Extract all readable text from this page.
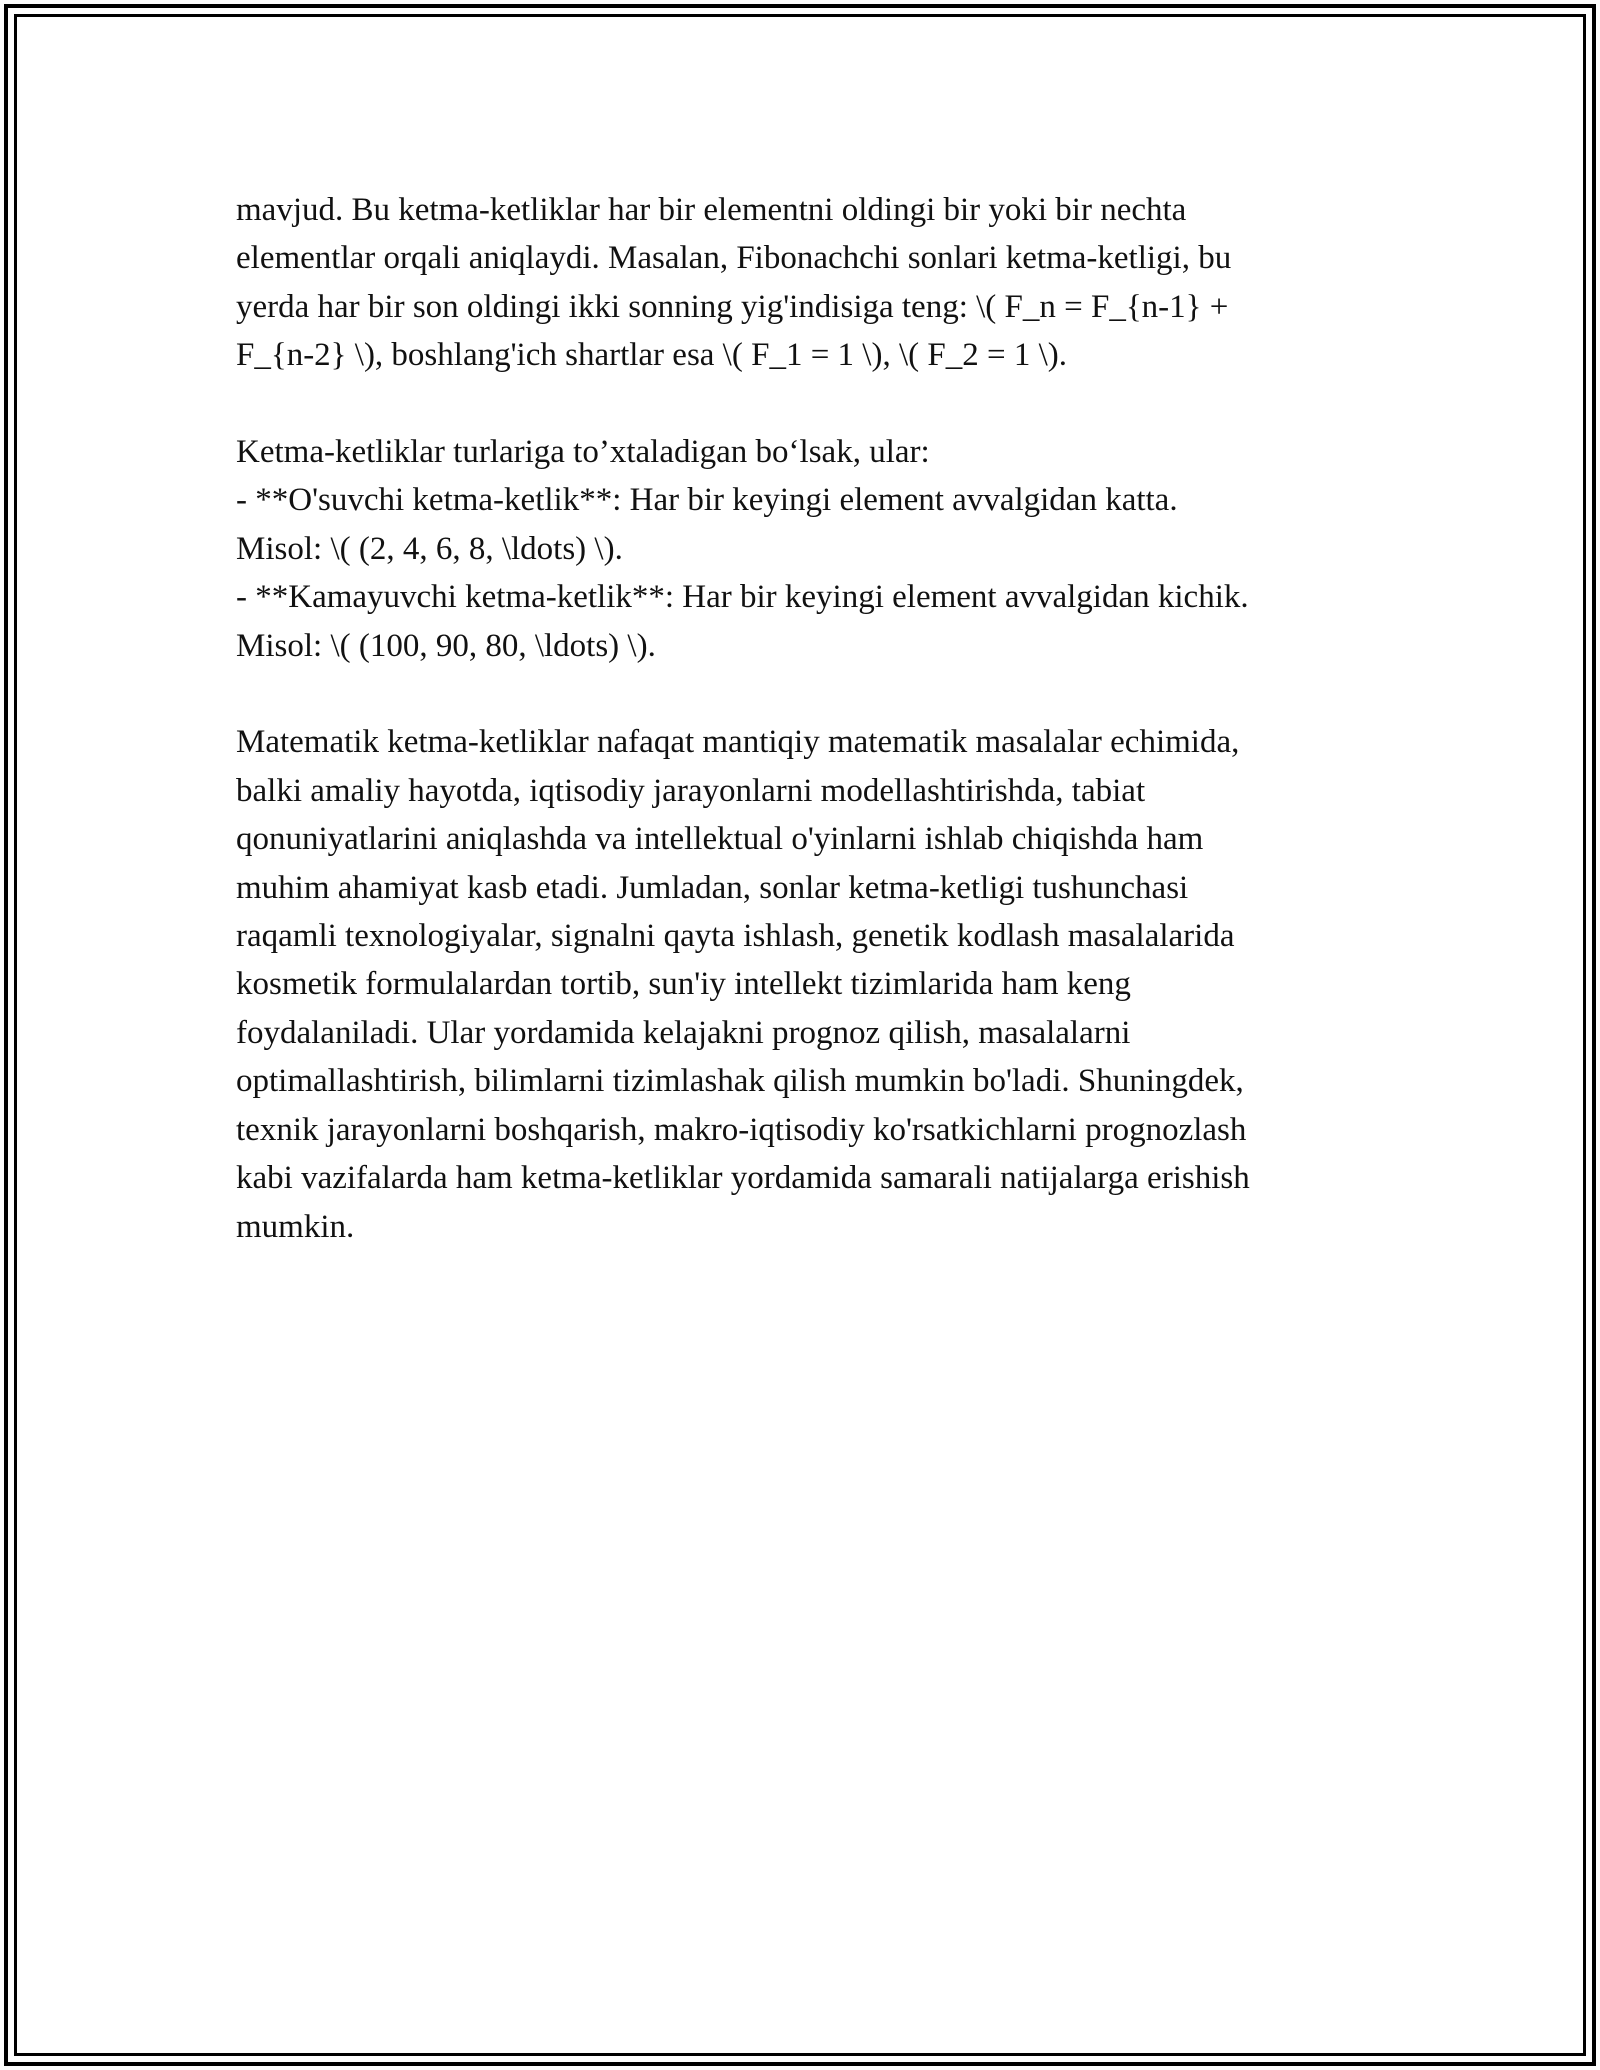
mavjud. Bu ketma-ketliklar har bir elementni oldingi bir yoki bir nechta
elementlar orqali aniqlaydi. Masalan, Fibonachchi sonlari ketma-ketligi, bu
yerda har bir son oldingi ikki sonning yig'indisiga teng: \( F_n = F_{n-1} +
F_{n-2} \), boshlang'ich shartlar esa \( F_1 = 1 \), \( F_2 = 1 \).
Ketma-ketliklar turlariga to’xtaladigan bo‘lsak, ular:
- **O'suvchi ketma-ketlik**: Har bir keyingi element avvalgidan katta.
Misol: \( (2, 4, 6, 8, \ldots) \).
- **Kamayuvchi ketma-ketlik**: Har bir keyingi element avvalgidan kichik.
Misol: \( (100, 90, 80, \ldots) \).
Matematik ketma-ketliklar nafaqat mantiqiy matematik masalalar echimida,
balki amaliy hayotda, iqtisodiy jarayonlarni modellashtirishda, tabiat
qonuniyatlarini aniqlashda va intellektual o'yinlarni ishlab chiqishda ham
muhim ahamiyat kasb etadi. Jumladan, sonlar ketma-ketligi tushunchasi
raqamli texnologiyalar, signalni qayta ishlash, genetik kodlash masalalarida
kosmetik formulalardan tortib, sun'iy intellekt tizimlarida ham keng
foydalaniladi. Ular yordamida kelajakni prognoz qilish, masalalarni
optimallashtirish, bilimlarni tizimlashak qilish mumkin bo'ladi. Shuningdek,
texnik jarayonlarni boshqarish, makro-iqtisodiy ko'rsatkichlarni prognozlash
kabi vazifalarda ham ketma-ketliklar yordamida samarali natijalarga erishish
mumkin.
